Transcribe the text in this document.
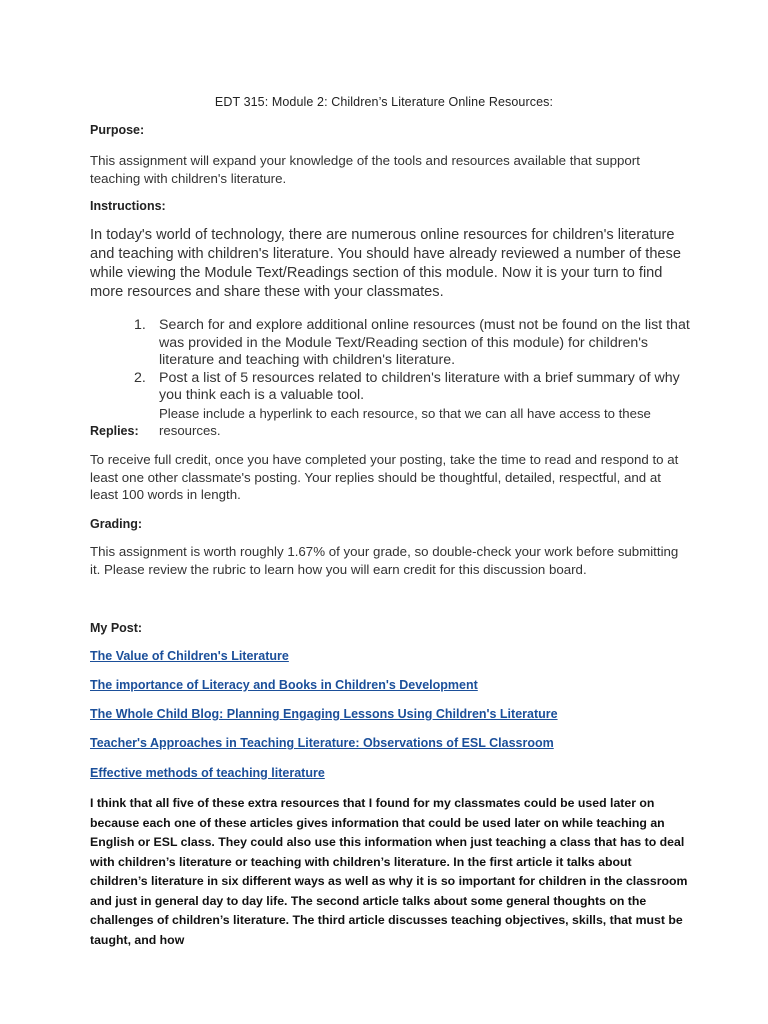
EDT 315: Module 2: Children’s Literature Online Resources:
Purpose:
This assignment will expand your knowledge of the tools and resources available that support teaching with children's literature.
Instructions:
In today's world of technology, there are numerous online resources for children's literature and teaching with children's literature. You should have already reviewed a number of these while viewing the Module Text/Readings section of this module. Now it is your turn to find more resources and share these with your classmates.
1. Search for and explore additional online resources (must not be found on the list that was provided in the Module Text/Reading section of this module) for children's literature and teaching with children's literature.
2. Post a list of 5 resources related to children's literature with a brief summary of why you think each is a valuable tool.
Please include a hyperlink to each resource, so that we can all have access to these resources.
Replies:
To receive full credit, once you have completed your posting, take the time to read and respond to at least one other classmate's posting. Your replies should be thoughtful, detailed, respectful, and at least 100 words in length.
Grading:
This assignment is worth roughly 1.67% of your grade, so double-check your work before submitting it. Please review the rubric to learn how you will earn credit for this discussion board.
My Post:
The Value of Children's Literature
The importance of Literacy and Books in Children's Development
The Whole Child Blog: Planning Engaging Lessons Using Children's Literature
Teacher's Approaches in Teaching Literature: Observations of ESL Classroom
Effective methods of teaching literature
I think that all five of these extra resources that I found for my classmates could be used later on because each one of these articles gives information that could be used later on while teaching an English or ESL class. They could also use this information when just teaching a class that has to deal with children’s literature or teaching with children’s literature. In the first article it talks about children’s literature in six different ways as well as why it is so important for children in the classroom and just in general day to day life. The second article talks about some general thoughts on the challenges of children’s literature. The third article discusses teaching objectives, skills, that must be taught, and how
